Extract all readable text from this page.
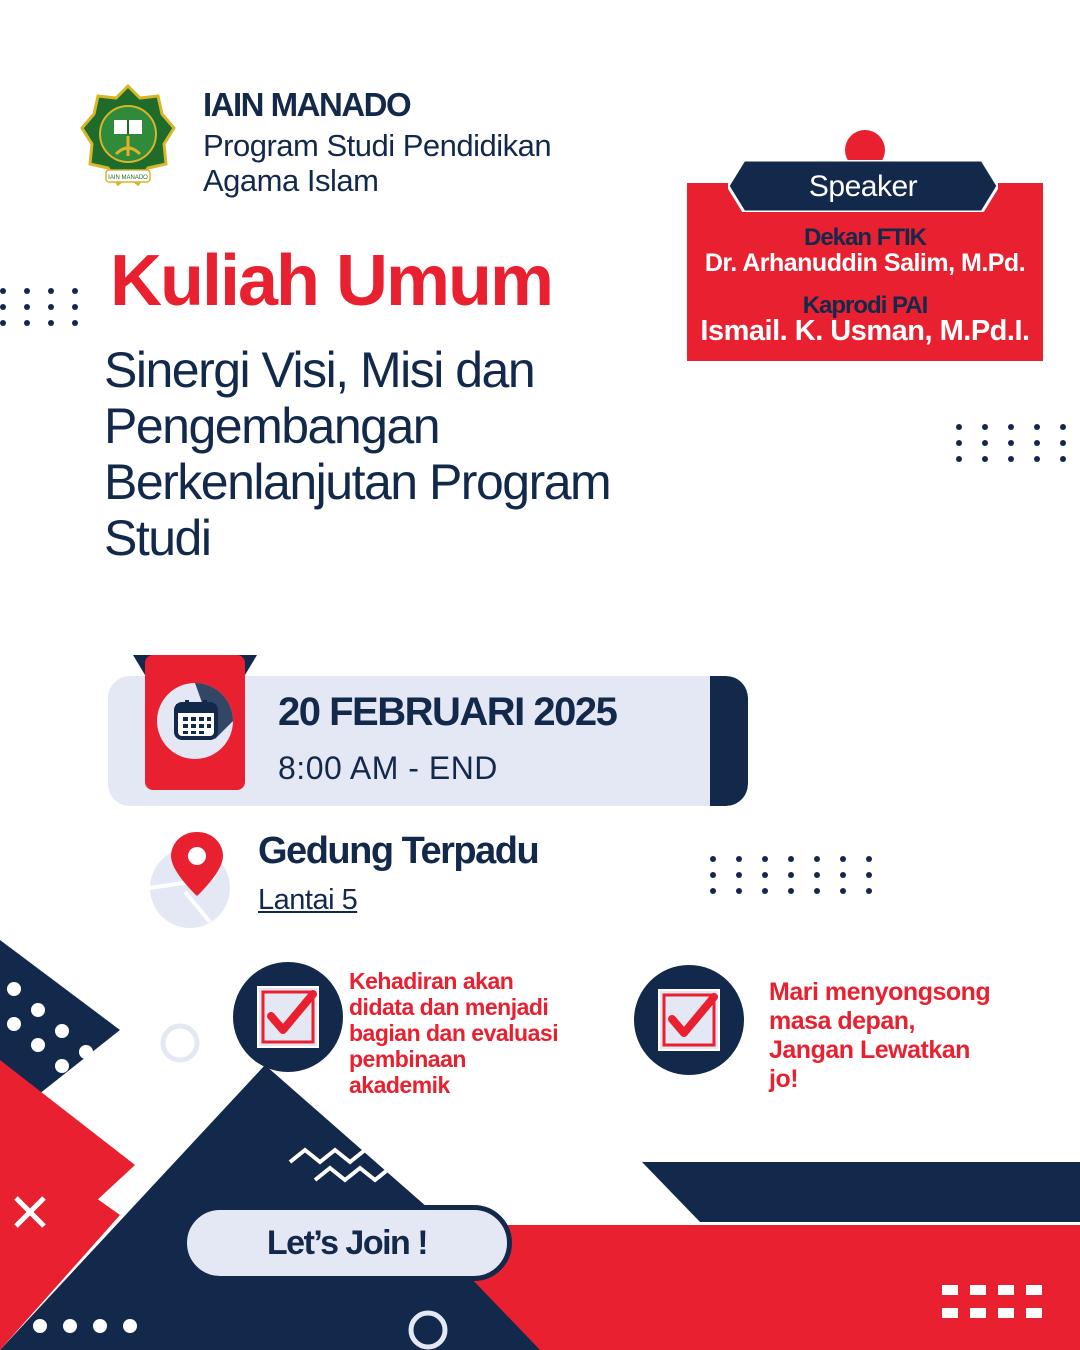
IAIN MANADO
IAIN MANADO
Program Studi Pendidikan
Agama Islam
Kuliah Umum
Sinergi Visi, Misi dan
Pengembangan
Berkenlanjutan Program
Studi
Speaker
Dekan FTIK
Dr. Arhanuddin Salim, M.Pd.
Kaprodi PAI
Ismail. K. Usman, M.Pd.I.
20 FEBRUARI 2025
8:00 AM - END
Gedung Terpadu
Lantai 5
Kehadiran akan
didata dan menjadi
bagian dan evaluasi
pembinaan
akademik
Mari menyongsong
masa depan,
Jangan Lewatkan
jo!
Let’s Join !
